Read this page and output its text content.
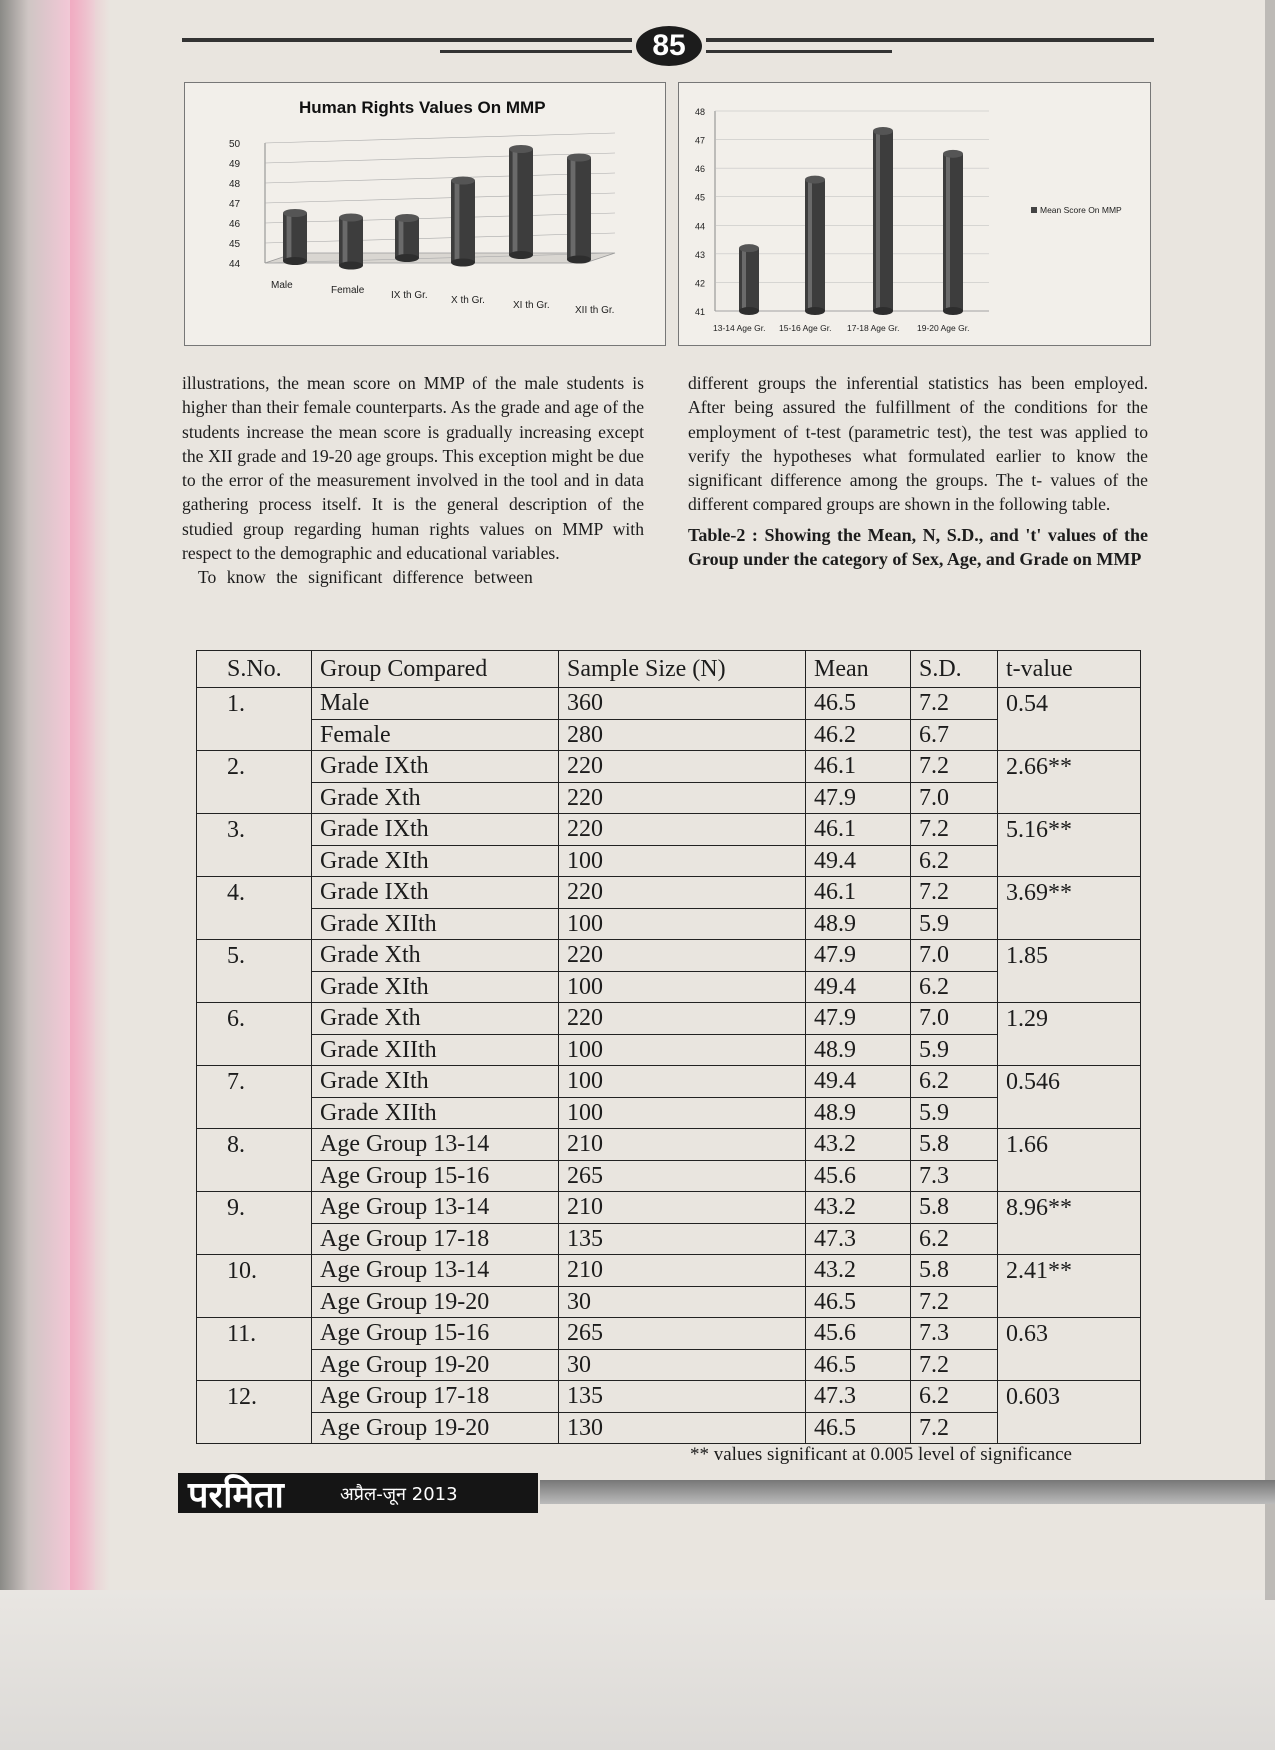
85
Human Rights Values On MMP
50
49
48
47
46
45
44
Male	Female	IX th Gr. X th Gr.	XI th Gr.	XII th Gr.
48
47
46
45
44
43
42
41
13-14 Age Gr. 15-16 Age Gr. 17-18 Age Gr. 19-20 Age Gr.
Mean Score On MMP

illustrations, the mean score on MMP of the male students is higher than their female counterparts. As the grade and age of the students increase the mean score is gradually increasing except the XII grade and 19-20 age groups. This exception might be due to the error of the measurement involved in the tool and in data gathering process itself. It is the general description of the studied group regarding human rights values on MMP with respect to the demographic and educational variables.

To know the significant difference between

different groups the inferential statistics has been employed. After being assured the fulfillment of the conditions for the employment of t-test (parametric test), the test was applied to verify the hypotheses what formulated earlier to know the significant difference among the groups. The t- values of the different compared groups are shown in the following table.

Table-2 : Showing the Mean, N, S.D., and 't' values of the Group under the category of Sex, Age, and Grade on MMP

S.No.	Group Compared	Sample Size (N)	Mean	S.D.	t-value
1.	Male	360	46.5	7.2	0.54
	Female	280	46.2	6.7	
2.	Grade IXth	220	46.1	7.2	2.66**
	Grade Xth	220	47.9	7.0	
3.	Grade IXth	220	46.1	7.2	5.16**
	Grade XIth	100	49.4	6.2	
4.	Grade IXth	220	46.1	7.2	3.69**
	Grade XIIth	100	48.9	5.9	
5.	Grade Xth	220	47.9	7.0	1.85
	Grade XIth	100	49.4	6.2	
6.	Grade Xth	220	47.9	7.0	1.29
	Grade XIIth	100	48.9	5.9	
7.	Grade XIth	100	49.4	6.2	0.546
	Grade XIIth	100	48.9	5.9	
8.	Age Group 13-14	210	43.2	5.8	1.66
	Age Group 15-16	265	45.6	7.3	
9.	Age Group 13-14	210	43.2	5.8	8.96**
	Age Group 17-18	135	47.3	6.2	
10.	Age Group 13-14	210	43.2	5.8	2.41**
	Age Group 19-20	30	46.5	7.2	
11.	Age Group 15-16	265	45.6	7.3	0.63
	Age Group 19-20	30	46.5	7.2	
12.	Age Group 17-18	135	47.3	6.2	0.603
	Age Group 19-20	130	46.5	7.2	
** values significant at 0.005 level of significance
परमिता	अप्रैल-जून 2013
